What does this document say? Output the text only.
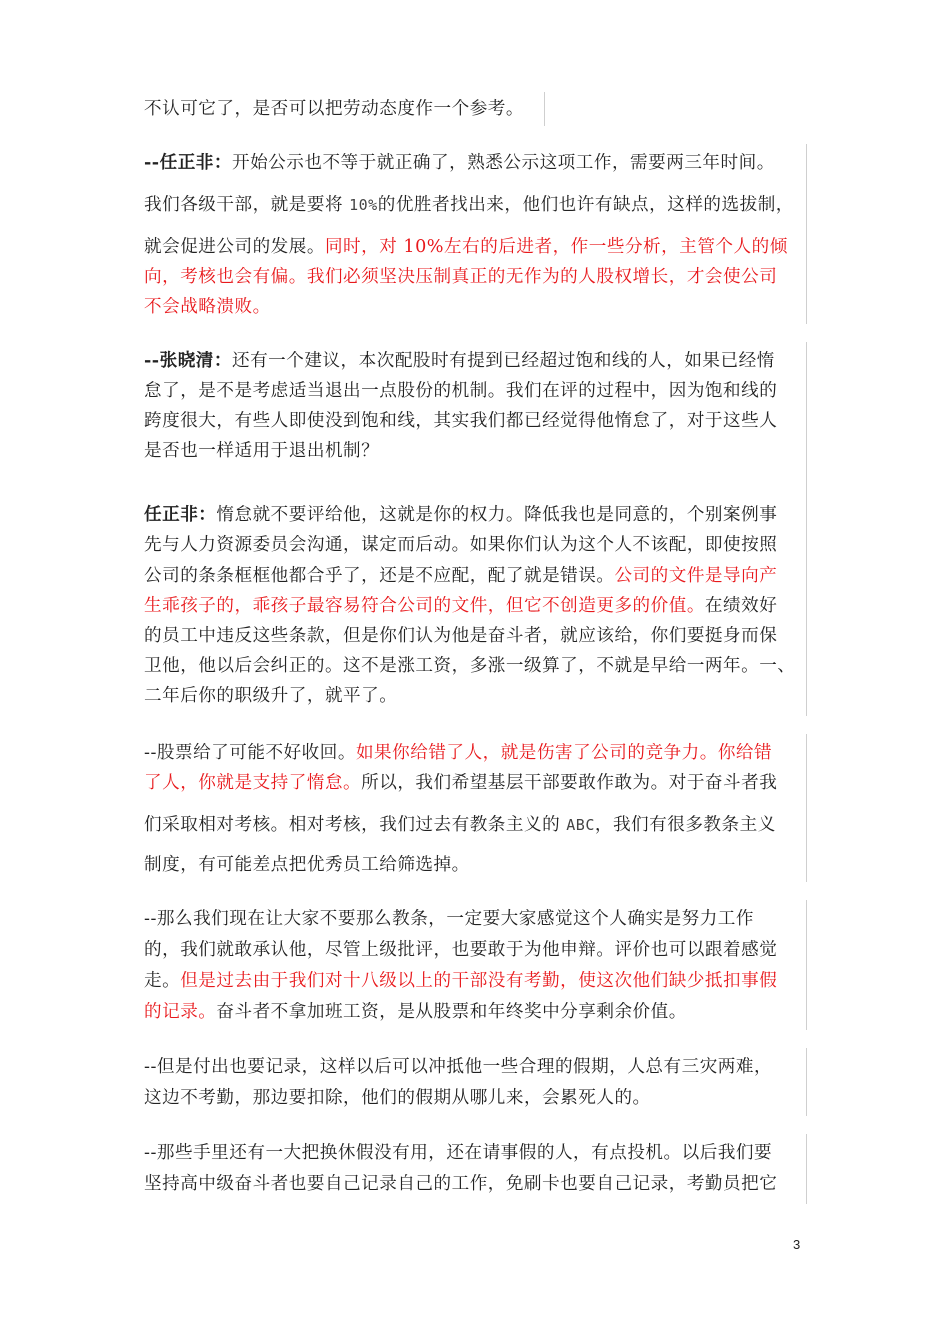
不认可它了，是否可以把劳动态度作一个参考。
--任正非：开始公示也不等于就正确了，熟悉公示这项工作，需要两三年时间。
我们各级干部，就是要将 10%的优胜者找出来，他们也许有缺点，这样的选拔制，
就会促进公司的发展。同时，对 10%左右的后进者，作一些分析，主管个人的倾
向，考核也会有偏。我们必须坚决压制真正的无作为的人股权增长，才会使公司
不会战略溃败。
--张晓清：还有一个建议，本次配股时有提到已经超过饱和线的人，如果已经惰
怠了，是不是考虑适当退出一点股份的机制。我们在评的过程中，因为饱和线的
跨度很大，有些人即使没到饱和线，其实我们都已经觉得他惰怠了，对于这些人
是否也一样适用于退出机制？
任正非：惰怠就不要评给他，这就是你的权力。降低我也是同意的，个别案例事
先与人力资源委员会沟通，谋定而后动。如果你们认为这个人不该配，即使按照
公司的条条框框他都合乎了，还是不应配，配了就是错误。公司的文件是导向产
生乖孩子的，乖孩子最容易符合公司的文件，但它不创造更多的价值。在绩效好
的员工中违反这些条款，但是你们认为他是奋斗者，就应该给，你们要挺身而保
卫他，他以后会纠正的。这不是涨工资，多涨一级算了，不就是早给一两年。一、
二年后你的职级升了，就平了。
--股票给了可能不好收回。如果你给错了人，就是伤害了公司的竞争力。你给错
了人，你就是支持了惰怠。所以，我们希望基层干部要敢作敢为。对于奋斗者我
们采取相对考核。相对考核，我们过去有教条主义的 ABC，我们有很多教条主义
制度，有可能差点把优秀员工给筛选掉。
--那么我们现在让大家不要那么教条，一定要大家感觉这个人确实是努力工作
的，我们就敢承认他，尽管上级批评，也要敢于为他申辩。评价也可以跟着感觉
走。但是过去由于我们对十八级以上的干部没有考勤，使这次他们缺少抵扣事假
的记录。奋斗者不拿加班工资，是从股票和年终奖中分享剩余价值。
--但是付出也要记录，这样以后可以冲抵他一些合理的假期，人总有三灾两难，
这边不考勤，那边要扣除，他们的假期从哪儿来，会累死人的。
--那些手里还有一大把换休假没有用，还在请事假的人，有点投机。以后我们要
坚持高中级奋斗者也要自己记录自己的工作，免刷卡也要自己记录，考勤员把它
3
